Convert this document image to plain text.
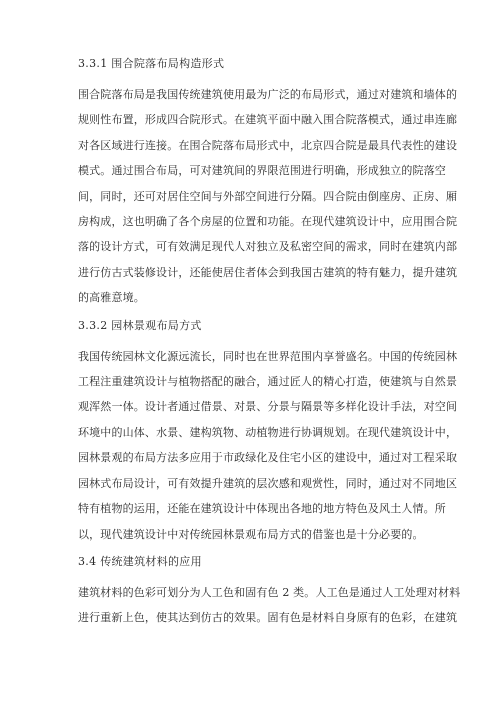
3.3.1 围合院落布局构造形式
围合院落布局是我国传统建筑使用最为广泛的布局形式，通过对建筑和墙体的
规则性布置，形成四合院形式。在建筑平面中融入围合院落模式，通过串连廊
对各区域进行连接。在围合院落布局形式中，北京四合院是最具代表性的建设
模式。通过围合布局，可对建筑间的界限范围进行明确，形成独立的院落空
间，同时，还可对居住空间与外部空间进行分隔。四合院由倒座房、正房、厢
房构成，这也明确了各个房屋的位置和功能。在现代建筑设计中，应用围合院
落的设计方式，可有效满足现代人对独立及私密空间的需求，同时在建筑内部
进行仿古式装修设计，还能使居住者体会到我国古建筑的特有魅力，提升建筑
的高雅意境。
3.3.2 园林景观布局方式
我国传统园林文化源远流长，同时也在世界范围内享誉盛名。中国的传统园林
工程注重建筑设计与植物搭配的融合，通过匠人的精心打造，使建筑与自然景
观浑然一体。设计者通过借景、对景、分景与隔景等多样化设计手法，对空间
环境中的山体、水景、建构筑物、动植物进行协调规划。在现代建筑设计中，
园林景观的布局方法多应用于市政绿化及住宅小区的建设中，通过对工程采取
园林式布局设计，可有效提升建筑的层次感和观赏性，同时，通过对不同地区
特有植物的运用，还能在建筑设计中体现出各地的地方特色及风土人情。所
以，现代建筑设计中对传统园林景观布局方式的借鉴也是十分必要的。
3.4 传统建筑材料的应用
建筑材料的色彩可划分为人工色和固有色 2 类。人工色是通过人工处理对材料
进行重新上色，使其达到仿古的效果。固有色是材料自身原有的色彩，在建筑
